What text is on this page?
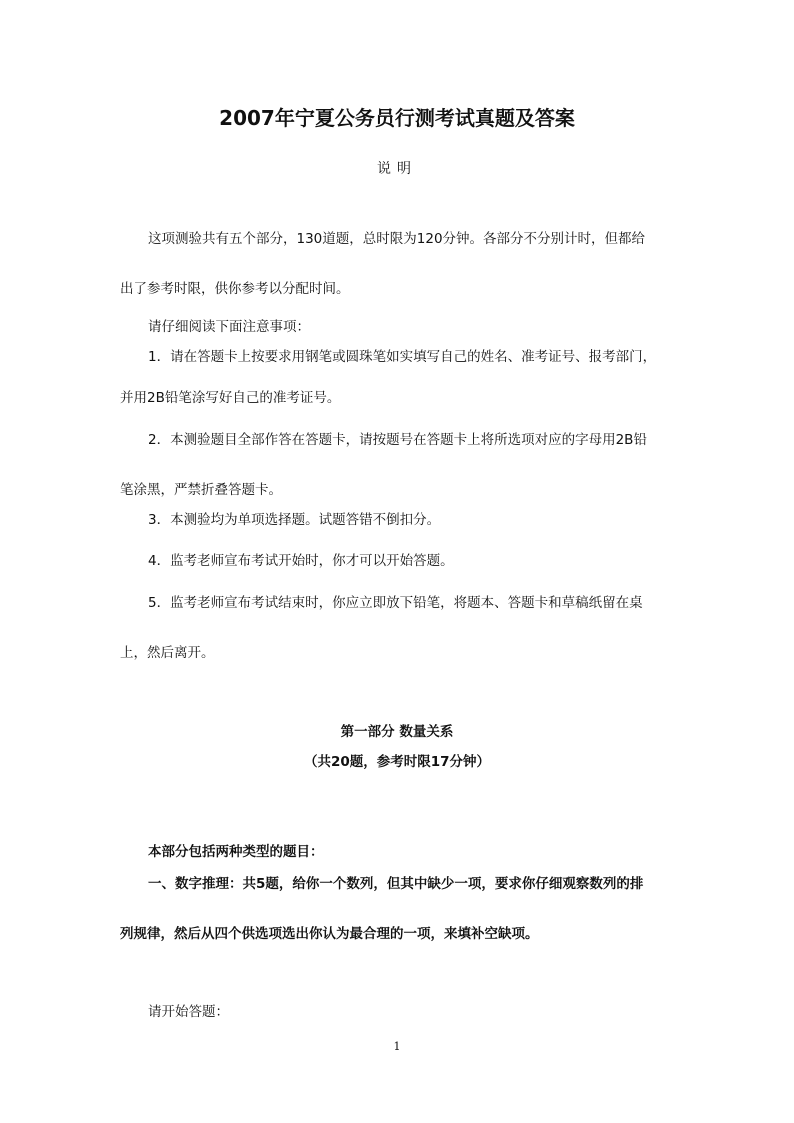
2007年宁夏公务员行测考试真题及答案
说明
这项测验共有五个部分，130道题，总时限为120分钟。各部分不分别计时，但都给
出了参考时限，供你参考以分配时间。
请仔细阅读下面注意事项：
1．请在答题卡上按要求用钢笔或圆珠笔如实填写自己的姓名、准考证号、报考部门，
并用2B铅笔涂写好自己的准考证号。
2．本测验题目全部作答在答题卡，请按题号在答题卡上将所选项对应的字母用2B铅
笔涂黑，严禁折叠答题卡。
3．本测验均为单项选择题。试题答错不倒扣分。
4．监考老师宣布考试开始时，你才可以开始答题。
5．监考老师宣布考试结束时，你应立即放下铅笔，将题本、答题卡和草稿纸留在桌
上，然后离开。
第一部分 数量关系
（共20题，参考时限17分钟）
本部分包括两种类型的题目：
一、数字推理：共5题，给你一个数列，但其中缺少一项，要求你仔细观察数列的排
列规律，然后从四个供选项选出你认为最合理的一项，来填补空缺项。
请开始答题：
1
